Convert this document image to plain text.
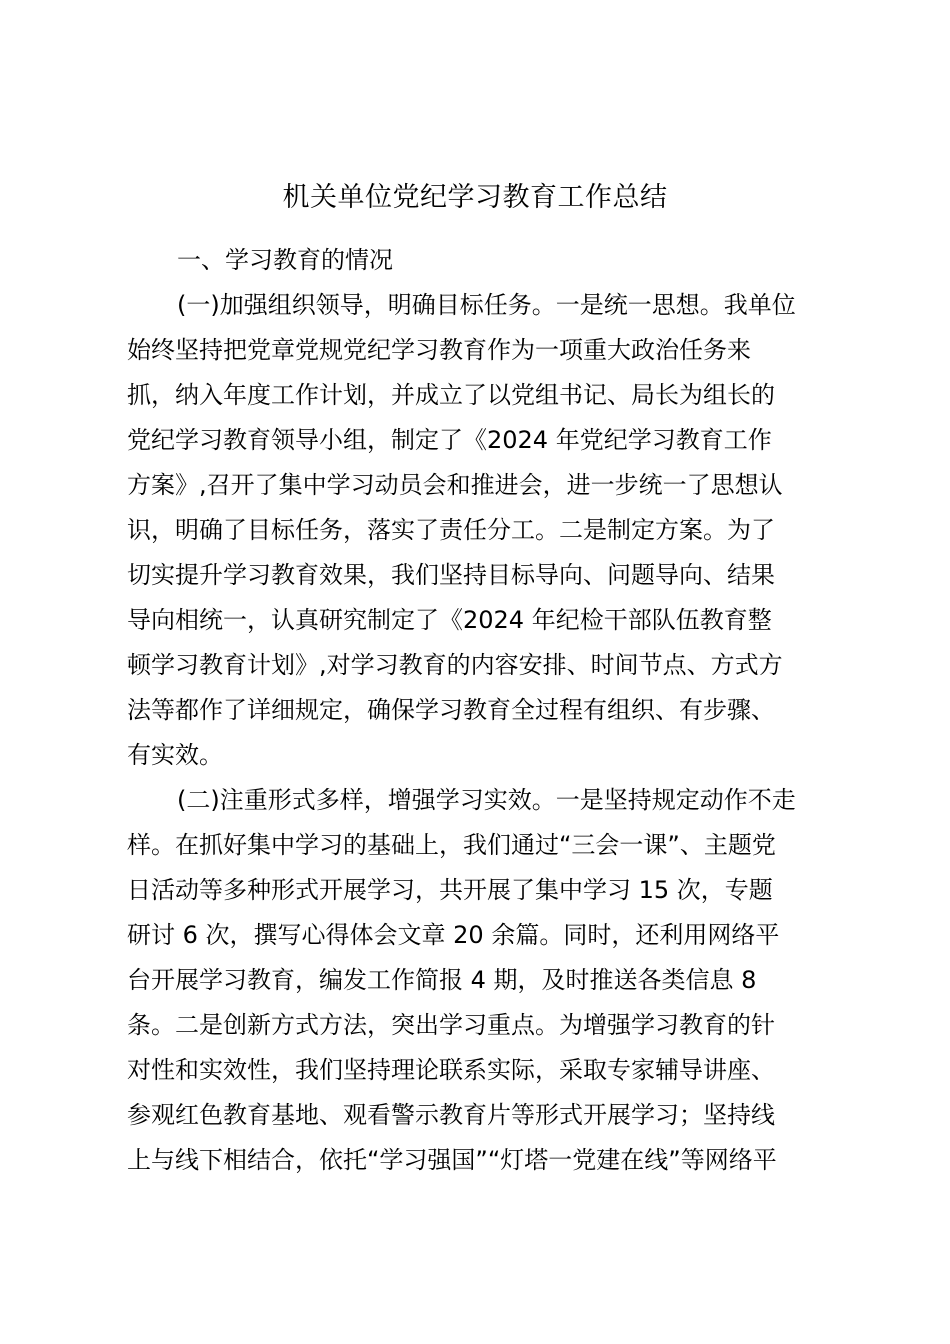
机关单位党纪学习教育工作总结
一、学习教育的情况
(一)加强组织领导，明确目标任务。一是统一思想。我单位
始终坚持把党章党规党纪学习教育作为一项重大政治任务来
抓，纳入年度工作计划，并成立了以党组书记、局长为组长的
党纪学习教育领导小组，制定了《2024 年党纪学习教育工作
方案》,召开了集中学习动员会和推进会，进一步统一了思想认
识，明确了目标任务，落实了责任分工。二是制定方案。为了
切实提升学习教育效果，我们坚持目标导向、问题导向、结果
导向相统一，认真研究制定了《2024 年纪检干部队伍教育整
顿学习教育计划》,对学习教育的内容安排、时间节点、方式方
法等都作了详细规定，确保学习教育全过程有组织、有步骤、
有实效。
(二)注重形式多样，增强学习实效。一是坚持规定动作不走
样。在抓好集中学习的基础上，我们通过“三会一课”、主题党
日活动等多种形式开展学习，共开展了集中学习 15 次，专题
研讨 6 次，撰写心得体会文章 20 余篇。同时，还利用网络平
台开展学习教育，编发工作简报 4 期，及时推送各类信息 8
条。二是创新方式方法，突出学习重点。为增强学习教育的针
对性和实效性，我们坚持理论联系实际，采取专家辅导讲座、
参观红色教育基地、观看警示教育片等形式开展学习；坚持线
上与线下相结合，依托“学习强国”“灯塔一党建在线”等网络平
